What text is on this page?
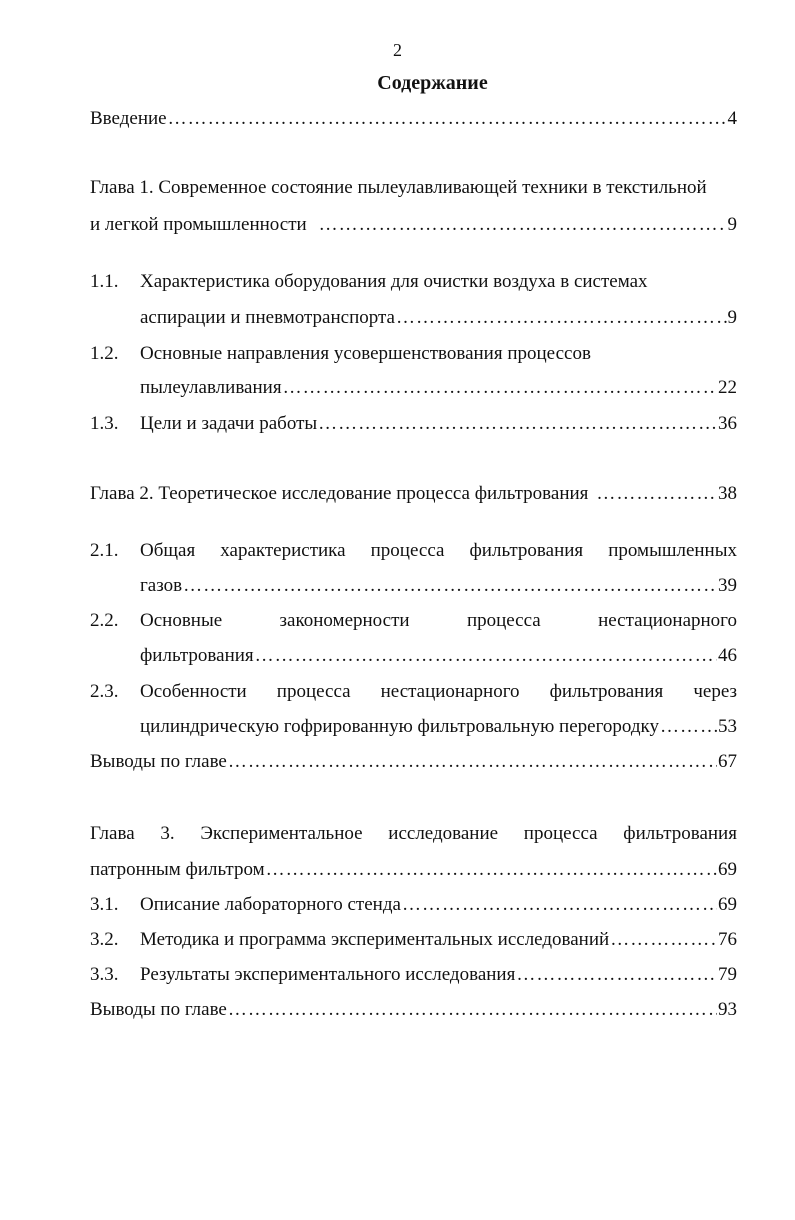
2
Содержание
Введение ………………………………………………………………………………………………………………………………………………	4
Глава 1. Современное состояние пылеулавливающей техники в текстильной
и легкой промышленности ………………………………………………………………………………………………………………………………………………	9
1.1.	Характеристика оборудования для очистки воздуха в системах
аспирации и пневмотранспорта ………………………………………………………………………………………………………………………………………………	9
1.2.	Основные направления усовершенствования процессов
пылеулавливания ………………………………………………………………………………………………………………………………………………	22
1.3.	Цели и задачи работы ………………………………………………………………………………………………………………………………………………	36
Глава 2. Теоретическое исследование процесса фильтрования ………………………………………………………………………………………………………………………………………………	38
2.1.	Общая характеристика процесса фильтрования промышленных
газов ………………………………………………………………………………………………………………………………………………	39
2.2.	Основные	закономерности	процесса	нестационарного
фильтрования ………………………………………………………………………………………………………………………………………………	46
2.3.	Особенности процесса нестационарного фильтрования через
цилиндрическую гофрированную фильтровальную перегородку ………………………………………………………………………………………………………………………………………………	53
Выводы по главе ………………………………………………………………………………………………………………………………………………	67
Глава 3. Экспериментальное исследование процесса фильтрования
патронным фильтром ………………………………………………………………………………………………………………………………………………	69
3.1.	Описание лабораторного стенда ………………………………………………………………………………………………………………………………………………	69
3.2.	Методика и программа экспериментальных исследований ………………………………………………………………………………………………………………………………………………	76
3.3.	Результаты экспериментального исследования ………………………………………………………………………………………………………………………………………………	79
Выводы по главе ………………………………………………………………………………………………………………………………………………	93
